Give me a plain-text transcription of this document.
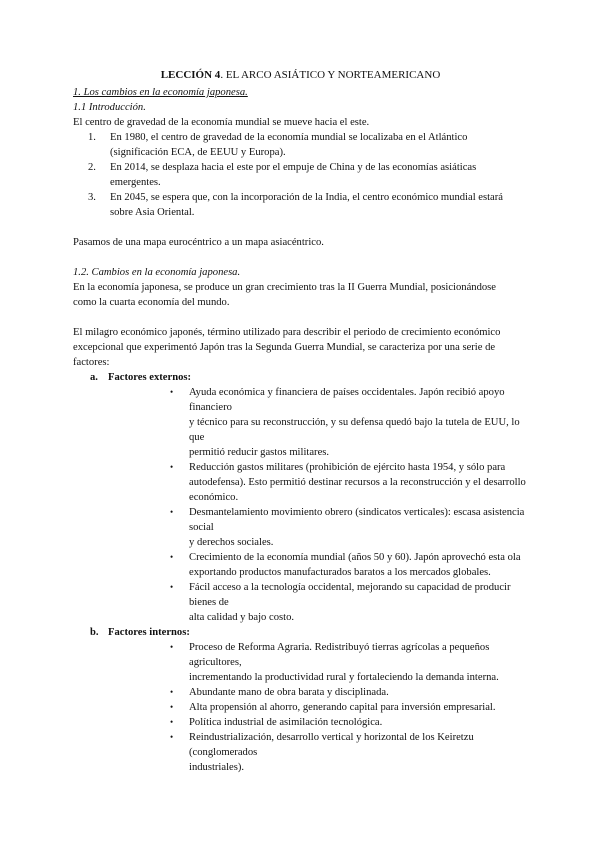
LECCIÓN 4. EL ARCO ASIÁTICO Y NORTEAMERICANO

1. Los cambios en la economía japonesa.

1.1 Introducción.

El centro de gravedad de la economía mundial se mueve hacia el este.

1. En 1980, el centro de gravedad de la economía mundial se localizaba en el Atlántico
(significación ECA, de EEUU y Europa).
2. En 2014, se desplaza hacia el este por el empuje de China y de las economías asiáticas
emergentes.
3. En 2045, se espera que, con la incorporación de la India, el centro económico mundial estará
sobre Asia Oriental.

Pasamos de una mapa eurocéntrico a un mapa asiacéntrico.

1.2. Cambios en la economía japonesa.

En la economía japonesa, se produce un gran crecimiento tras la II Guerra Mundial, posicionándose
como la cuarta economía del mundo.

El milagro económico japonés, término utilizado para describir el periodo de crecimiento económico
excepcional que experimentó Japón tras la Segunda Guerra Mundial, se caracteriza por una serie de
factores:

a. Factores externos:
• Ayuda económica y financiera de países occidentales. Japón recibió apoyo financiero
y técnico para su reconstrucción, y su defensa quedó bajo la tutela de EUU, lo que
permitió reducir gastos militares.
• Reducción gastos militares (prohibición de ejército hasta 1954, y sólo para
autodefensa). Esto permitió destinar recursos a la reconstrucción y el desarrollo
económico.
• Desmantelamiento movimiento obrero (sindicatos verticales): escasa asistencia social
y derechos sociales.
• Crecimiento de la economía mundial (años 50 y 60). Japón aprovechó esta ola
exportando productos manufacturados baratos a los mercados globales.
• Fácil acceso a la tecnología occidental, mejorando su capacidad de producir bienes de
alta calidad y bajo costo.
b. Factores internos:
• Proceso de Reforma Agraria. Redistribuyó tierras agrícolas a pequeños agricultores,
incrementando la productividad rural y fortaleciendo la demanda interna.
• Abundante mano de obra barata y disciplinada.
• Alta propensión al ahorro, generando capital para inversión empresarial.
• Política industrial de asimilación tecnológica.
• Reindustrialización, desarrollo vertical y horizontal de los Keiretzu (conglomerados
industriales).
